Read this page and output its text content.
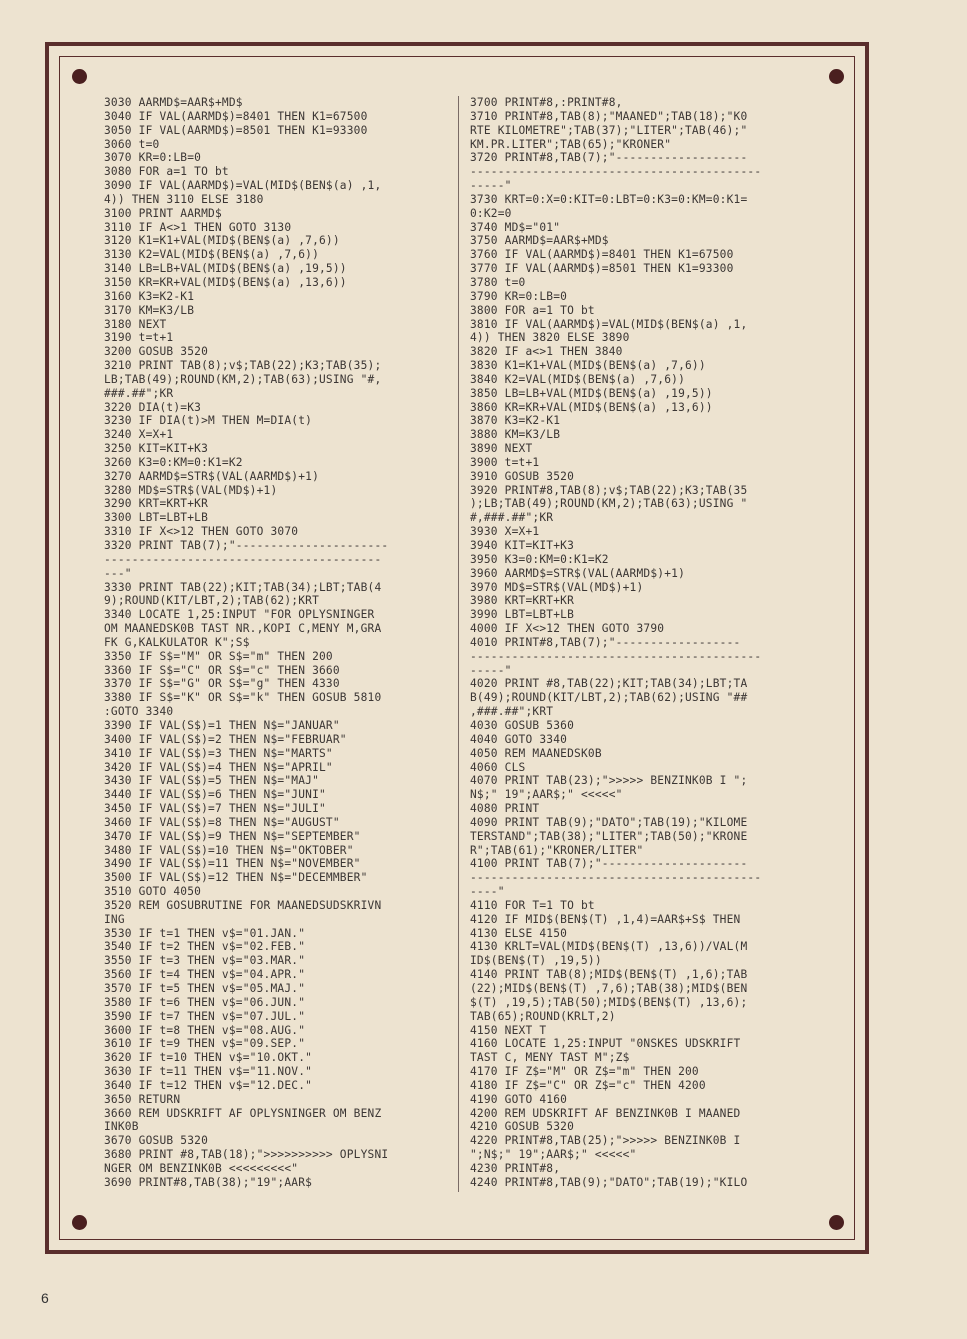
3030 AARMD$=AAR$+MD$
3040 IF VAL(AARMD$)=8401 THEN K1=67500
3050 IF VAL(AARMD$)=8501 THEN K1=93300
3060 t=0
3070 KR=0:LB=0
3080 FOR a=1 TO bt
3090 IF VAL(AARMD$)=VAL(MID$(BEN$(a) ,1,
4)) THEN 3110 ELSE 3180
3100 PRINT AARMD$
3110 IF A<>1 THEN GOTO 3130
3120 K1=K1+VAL(MID$(BEN$(a) ,7,6))
3130 K2=VAL(MID$(BEN$(a) ,7,6))
3140 LB=LB+VAL(MID$(BEN$(a) ,19,5))
3150 KR=KR+VAL(MID$(BEN$(a) ,13,6))
3160 K3=K2-K1
3170 KM=K3/LB
3180 NEXT
3190 t=t+1
3200 GOSUB 3520
3210 PRINT TAB(8);v$;TAB(22);K3;TAB(35);
LB;TAB(49);ROUND(KM,2);TAB(63);USING "#,
###.##";KR
3220 DIA(t)=K3
3230 IF DIA(t)>M THEN M=DIA(t)
3240 X=X+1
3250 KIT=KIT+K3
3260 K3=0:KM=0:K1=K2
3270 AARMD$=STR$(VAL(AARMD$)+1)
3280 MD$=STR$(VAL(MD$)+1)
3290 KRT=KRT+KR
3300 LBT=LBT+LB
3310 IF X<>12 THEN GOTO 3070
3320 PRINT TAB(7);"----------------------
----------------------------------------
---"
3330 PRINT TAB(22);KIT;TAB(34);LBT;TAB(4
9);ROUND(KIT/LBT,2);TAB(62);KRT
3340 LOCATE 1,25:INPUT "FOR OPLYSNINGER
OM MAANEDSK0B TAST NR.,KOPI C,MENY M,GRA
FK G,KALKULATOR K";S$
3350 IF S$="M" OR S$="m" THEN 200
3360 IF S$="C" OR S$="c" THEN 3660
3370 IF S$="G" OR S$="g" THEN 4330
3380 IF S$="K" OR S$="k" THEN GOSUB 5810
:GOTO 3340
3390 IF VAL(S$)=1 THEN N$="JANUAR"
3400 IF VAL(S$)=2 THEN N$="FEBRUAR"
3410 IF VAL(S$)=3 THEN N$="MARTS"
3420 IF VAL(S$)=4 THEN N$="APRIL"
3430 IF VAL(S$)=5 THEN N$="MAJ"
3440 IF VAL(S$)=6 THEN N$="JUNI"
3450 IF VAL(S$)=7 THEN N$="JULI"
3460 IF VAL(S$)=8 THEN N$="AUGUST"
3470 IF VAL(S$)=9 THEN N$="SEPTEMBER"
3480 IF VAL(S$)=10 THEN N$="OKTOBER"
3490 IF VAL(S$)=11 THEN N$="NOVEMBER"
3500 IF VAL(S$)=12 THEN N$="DECEMMBER"
3510 GOTO 4050
3520 REM GOSUBRUTINE FOR MAANEDSUDSKRIVN
ING
3530 IF t=1 THEN v$="01.JAN."
3540 IF t=2 THEN v$="02.FEB."
3550 IF t=3 THEN v$="03.MAR."
3560 IF t=4 THEN v$="04.APR."
3570 IF t=5 THEN v$="05.MAJ."
3580 IF t=6 THEN v$="06.JUN."
3590 IF t=7 THEN v$="07.JUL."
3600 IF t=8 THEN v$="08.AUG."
3610 IF t=9 THEN v$="09.SEP."
3620 IF t=10 THEN v$="10.OKT."
3630 IF t=11 THEN v$="11.NOV."
3640 IF t=12 THEN v$="12.DEC."
3650 RETURN
3660 REM UDSKRIFT AF OPLYSNINGER OM BENZ
INK0B
3670 GOSUB 5320
3680 PRINT #8,TAB(18);">>>>>>>>>> OPLYSNI
NGER OM BENZINK0B <<<<<<<<<"
3690 PRINT#8,TAB(38);"19";AAR$
3700 PRINT#8,:PRINT#8,
3710 PRINT#8,TAB(8);"MAANED";TAB(18);"K0
RTE KILOMETRE";TAB(37);"LITER";TAB(46);"
KM.PR.LITER";TAB(65);"KRONER"
3720 PRINT#8,TAB(7);"-------------------
------------------------------------------
-----"
3730 KRT=0:X=0:KIT=0:LBT=0:K3=0:KM=0:K1=
0:K2=0
3740 MD$="01"
3750 AARMD$=AAR$+MD$
3760 IF VAL(AARMD$)=8401 THEN K1=67500
3770 IF VAL(AARMD$)=8501 THEN K1=93300
3780 t=0
3790 KR=0:LB=0
3800 FOR a=1 TO bt
3810 IF VAL(AARMD$)=VAL(MID$(BEN$(a) ,1,
4)) THEN 3820 ELSE 3890
3820 IF a<>1 THEN 3840
3830 K1=K1+VAL(MID$(BEN$(a) ,7,6))
3840 K2=VAL(MID$(BEN$(a) ,7,6))
3850 LB=LB+VAL(MID$(BEN$(a) ,19,5))
3860 KR=KR+VAL(MID$(BEN$(a) ,13,6))
3870 K3=K2-K1
3880 KM=K3/LB
3890 NEXT
3900 t=t+1
3910 GOSUB 3520
3920 PRINT#8,TAB(8);v$;TAB(22);K3;TAB(35
);LB;TAB(49);ROUND(KM,2);TAB(63);USING "
#,###.##";KR
3930 X=X+1
3940 KIT=KIT+K3
3950 K3=0:KM=0:K1=K2
3960 AARMD$=STR$(VAL(AARMD$)+1)
3970 MD$=STR$(VAL(MD$)+1)
3980 KRT=KRT+KR
3990 LBT=LBT+LB
4000 IF X<>12 THEN GOTO 3790
4010 PRINT#8,TAB(7);"------------------
------------------------------------------
-----"
4020 PRINT #8,TAB(22);KIT;TAB(34);LBT;TA
B(49);ROUND(KIT/LBT,2);TAB(62);USING "##
,###.##";KRT
4030 GOSUB 5360
4040 GOTO 3340
4050 REM MAANEDSK0B
4060 CLS
4070 PRINT TAB(23);">>>>> BENZINK0B I ";
N$;" 19";AAR$;" <<<<<"
4080 PRINT
4090 PRINT TAB(9);"DATO";TAB(19);"KILOME
TERSTAND";TAB(38);"LITER";TAB(50);"KRONE
R";TAB(61);"KRONER/LITER"
4100 PRINT TAB(7);"---------------------
------------------------------------------
----"
4110 FOR T=1 TO bt
4120 IF MID$(BEN$(T) ,1,4)=AAR$+S$ THEN
4130 ELSE 4150
4130 KRLT=VAL(MID$(BEN$(T) ,13,6))/VAL(M
ID$(BEN$(T) ,19,5))
4140 PRINT TAB(8);MID$(BEN$(T) ,1,6);TAB
(22);MID$(BEN$(T) ,7,6);TAB(38);MID$(BEN
$(T) ,19,5);TAB(50);MID$(BEN$(T) ,13,6);
TAB(65);ROUND(KRLT,2)
4150 NEXT T
4160 LOCATE 1,25:INPUT "0NSKES UDSKRIFT
TAST C, MENY TAST M";Z$
4170 IF Z$="M" OR Z$="m" THEN 200
4180 IF Z$="C" OR Z$="c" THEN 4200
4190 GOTO 4160
4200 REM UDSKRIFT AF BENZINK0B I MAANED
4210 GOSUB 5320
4220 PRINT#8,TAB(25);">>>>> BENZINK0B I
";N$;" 19";AAR$;" <<<<<"
4230 PRINT#8,
4240 PRINT#8,TAB(9);"DATO";TAB(19);"KILO
6
